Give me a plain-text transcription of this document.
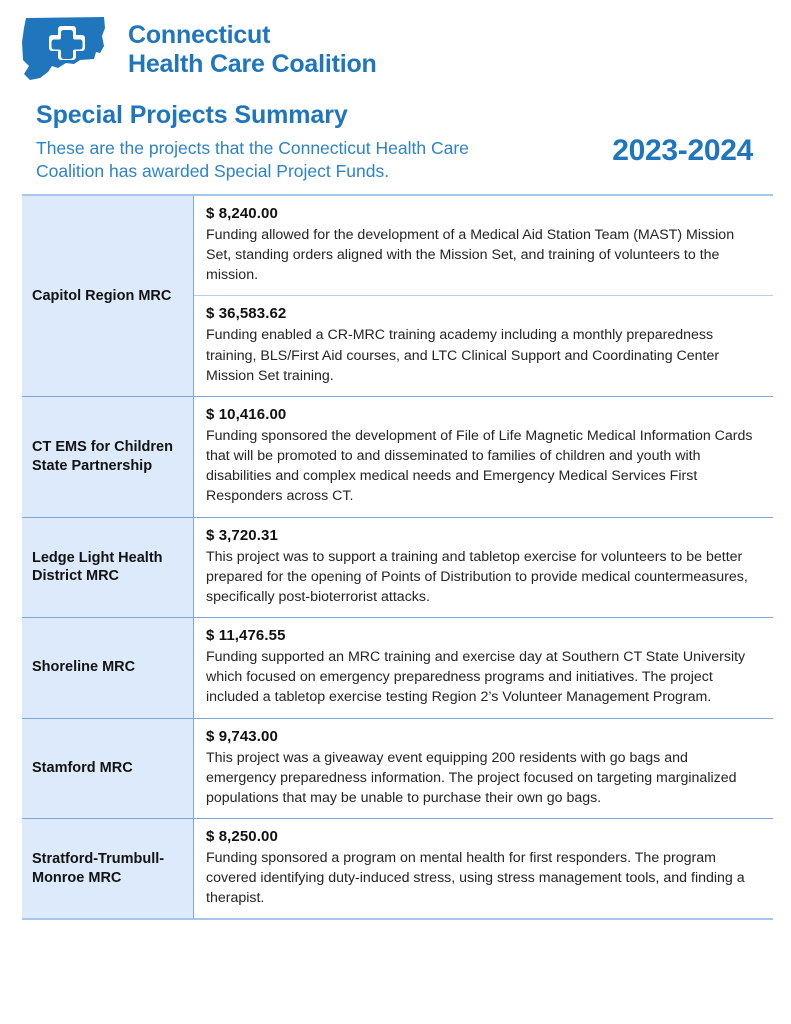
Connecticut
Health Care Coalition
Special Projects Summary
These are the projects that the Connecticut Health Care Coalition has awarded Special Project Funds.
2023-2024
Capitol Region MRC
$ 8,240.00
Funding allowed for the development of a Medical Aid Station Team (MAST) Mission Set, standing orders aligned with the Mission Set, and training of volunteers to the mission.
$ 36,583.62
Funding enabled a CR-MRC training academy including a monthly preparedness training, BLS/First Aid courses, and LTC Clinical Support and Coordinating Center Mission Set training.
CT EMS for Children State Partnership
$ 10,416.00
Funding sponsored the development of File of Life Magnetic Medical Information Cards that will be promoted to and disseminated to families of children and youth with disabilities and complex medical needs and Emergency Medical Services First Responders across CT.
Ledge Light Health District MRC
$ 3,720.31
This project was to support a training and tabletop exercise for volunteers to be better prepared for the opening of Points of Distribution to provide medical countermeasures, specifically post-bioterrorist attacks.
Shoreline MRC
$ 11,476.55
Funding supported an MRC training and exercise day at Southern CT State University which focused on emergency preparedness programs and initiatives. The project included a tabletop exercise testing Region 2’s Volunteer Management Program.
Stamford MRC
$ 9,743.00
This project was a giveaway event equipping 200 residents with go bags and emergency preparedness information. The project focused on targeting marginalized populations that may be unable to purchase their own go bags.
Stratford-Trumbull-Monroe MRC
$ 8,250.00
Funding sponsored a program on mental health for first responders. The program covered identifying duty-induced stress, using stress management tools, and finding a therapist.
